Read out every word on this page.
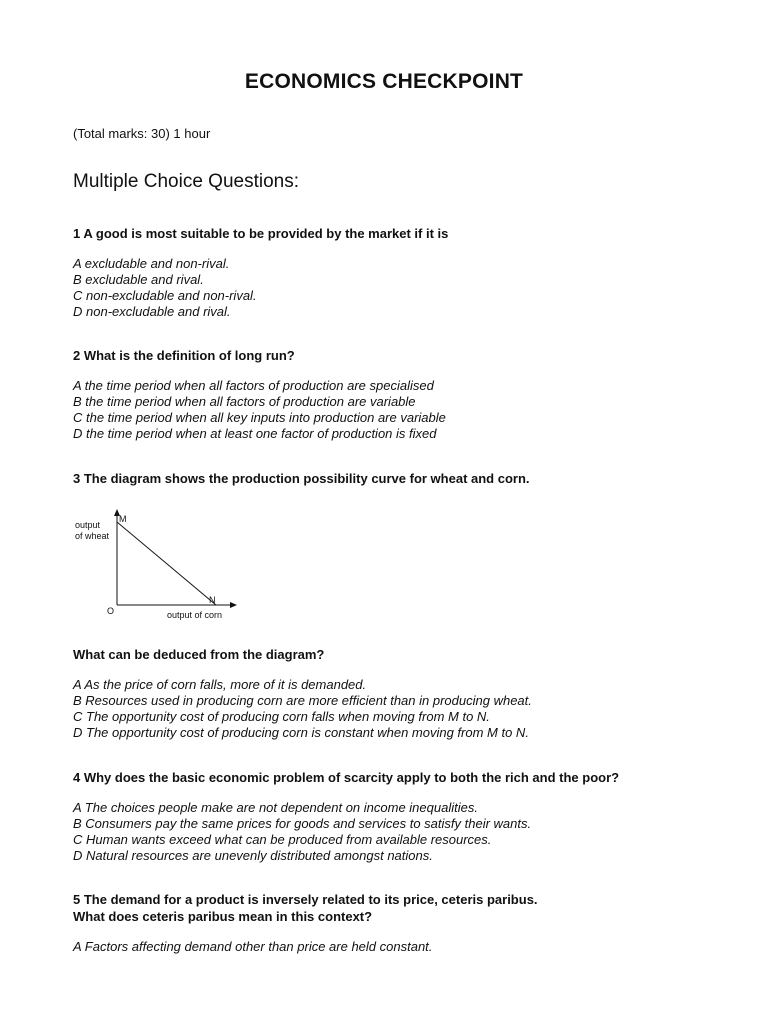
ECONOMICS CHECKPOINT
(Total marks: 30) 1 hour
Multiple Choice Questions:

1 A good is most suitable to be provided by the market if it is

A excludable and non-rival.
B excludable and rival.
C non-excludable and non-rival.
D non-excludable and rival.

2 What is the definition of long run?

A the time period when all factors of production are specialised
B the time period when all factors of production are variable
C the time period when all key inputs into production are variable
D the time period when at least one factor of production is fixed

3 The diagram shows the production possibility curve for wheat and corn.

output
of wheat
M
N
O	output of corn

What can be deduced from the diagram?

A As the price of corn falls, more of it is demanded.
B Resources used in producing corn are more efficient than in producing wheat.
C The opportunity cost of producing corn falls when moving from M to N.
D The opportunity cost of producing corn is constant when moving from M to N.

4 Why does the basic economic problem of scarcity apply to both the rich and the poor?

A The choices people make are not dependent on income inequalities.
B Consumers pay the same prices for goods and services to satisfy their wants.
C Human wants exceed what can be produced from available resources.
D Natural resources are unevenly distributed amongst nations.

5 The demand for a product is inversely related to its price, ceteris paribus.
What does ceteris paribus mean in this context?

A Factors affecting demand other than price are held constant.
